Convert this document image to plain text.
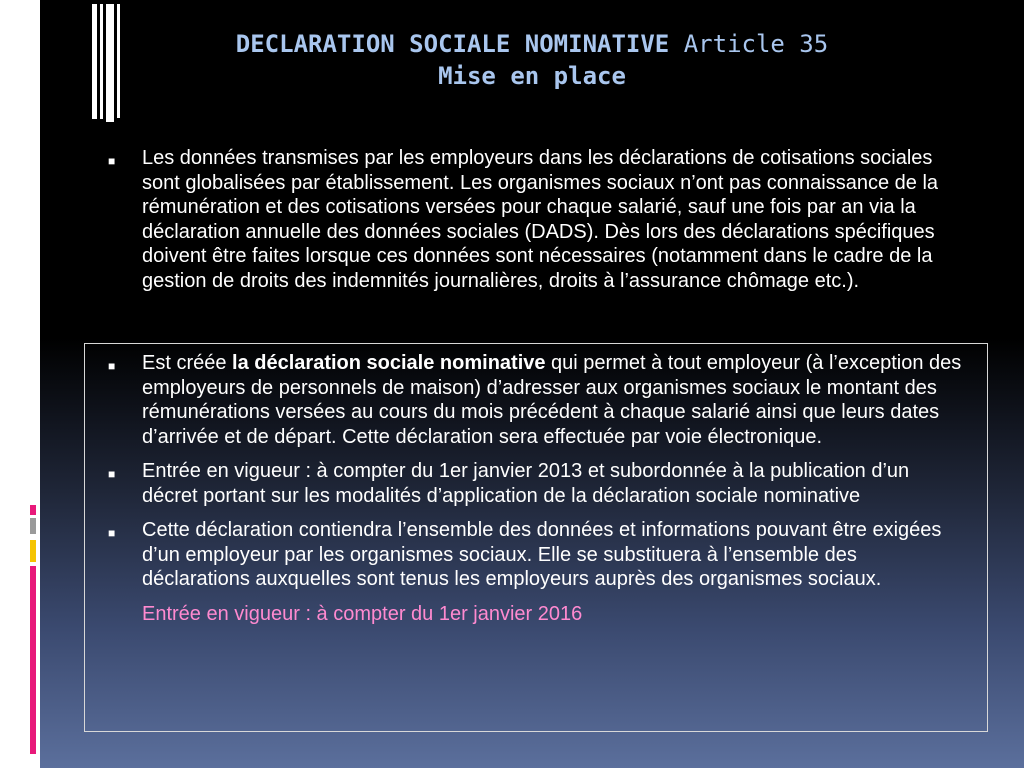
DECLARATION SOCIALE NOMINATIVE Article 35
Mise en place
■ Les données transmises par les employeurs dans les déclarations de cotisations sociales sont globalisées par établissement. Les organismes sociaux n’ont pas connaissance de la rémunération et des cotisations versées pour chaque salarié, sauf une fois par an via la déclaration annuelle des données sociales (DADS). Dès lors des déclarations spécifiques doivent être faites lorsque ces données sont nécessaires (notamment dans le cadre de la gestion de droits des indemnités journalières, droits à l’assurance chômage etc.).
■ Est créée la déclaration sociale nominative qui permet à tout employeur (à l’exception des employeurs de personnels de maison) d’adresser aux organismes sociaux le montant des rémunérations versées au cours du mois précédent à chaque salarié ainsi que leurs dates d’arrivée et de départ. Cette déclaration sera effectuée par voie électronique.
■ Entrée en vigueur : à compter du 1er janvier 2013 et subordonnée à la publication d’un décret portant sur les modalités d’application de la déclaration sociale nominative
■ Cette déclaration contiendra l’ensemble des données et informations pouvant être exigées d’un employeur par les organismes sociaux. Elle se substituera à l’ensemble des déclarations auxquelles sont tenus les employeurs auprès des organismes sociaux.
Entrée en vigueur : à compter du 1er janvier 2016
